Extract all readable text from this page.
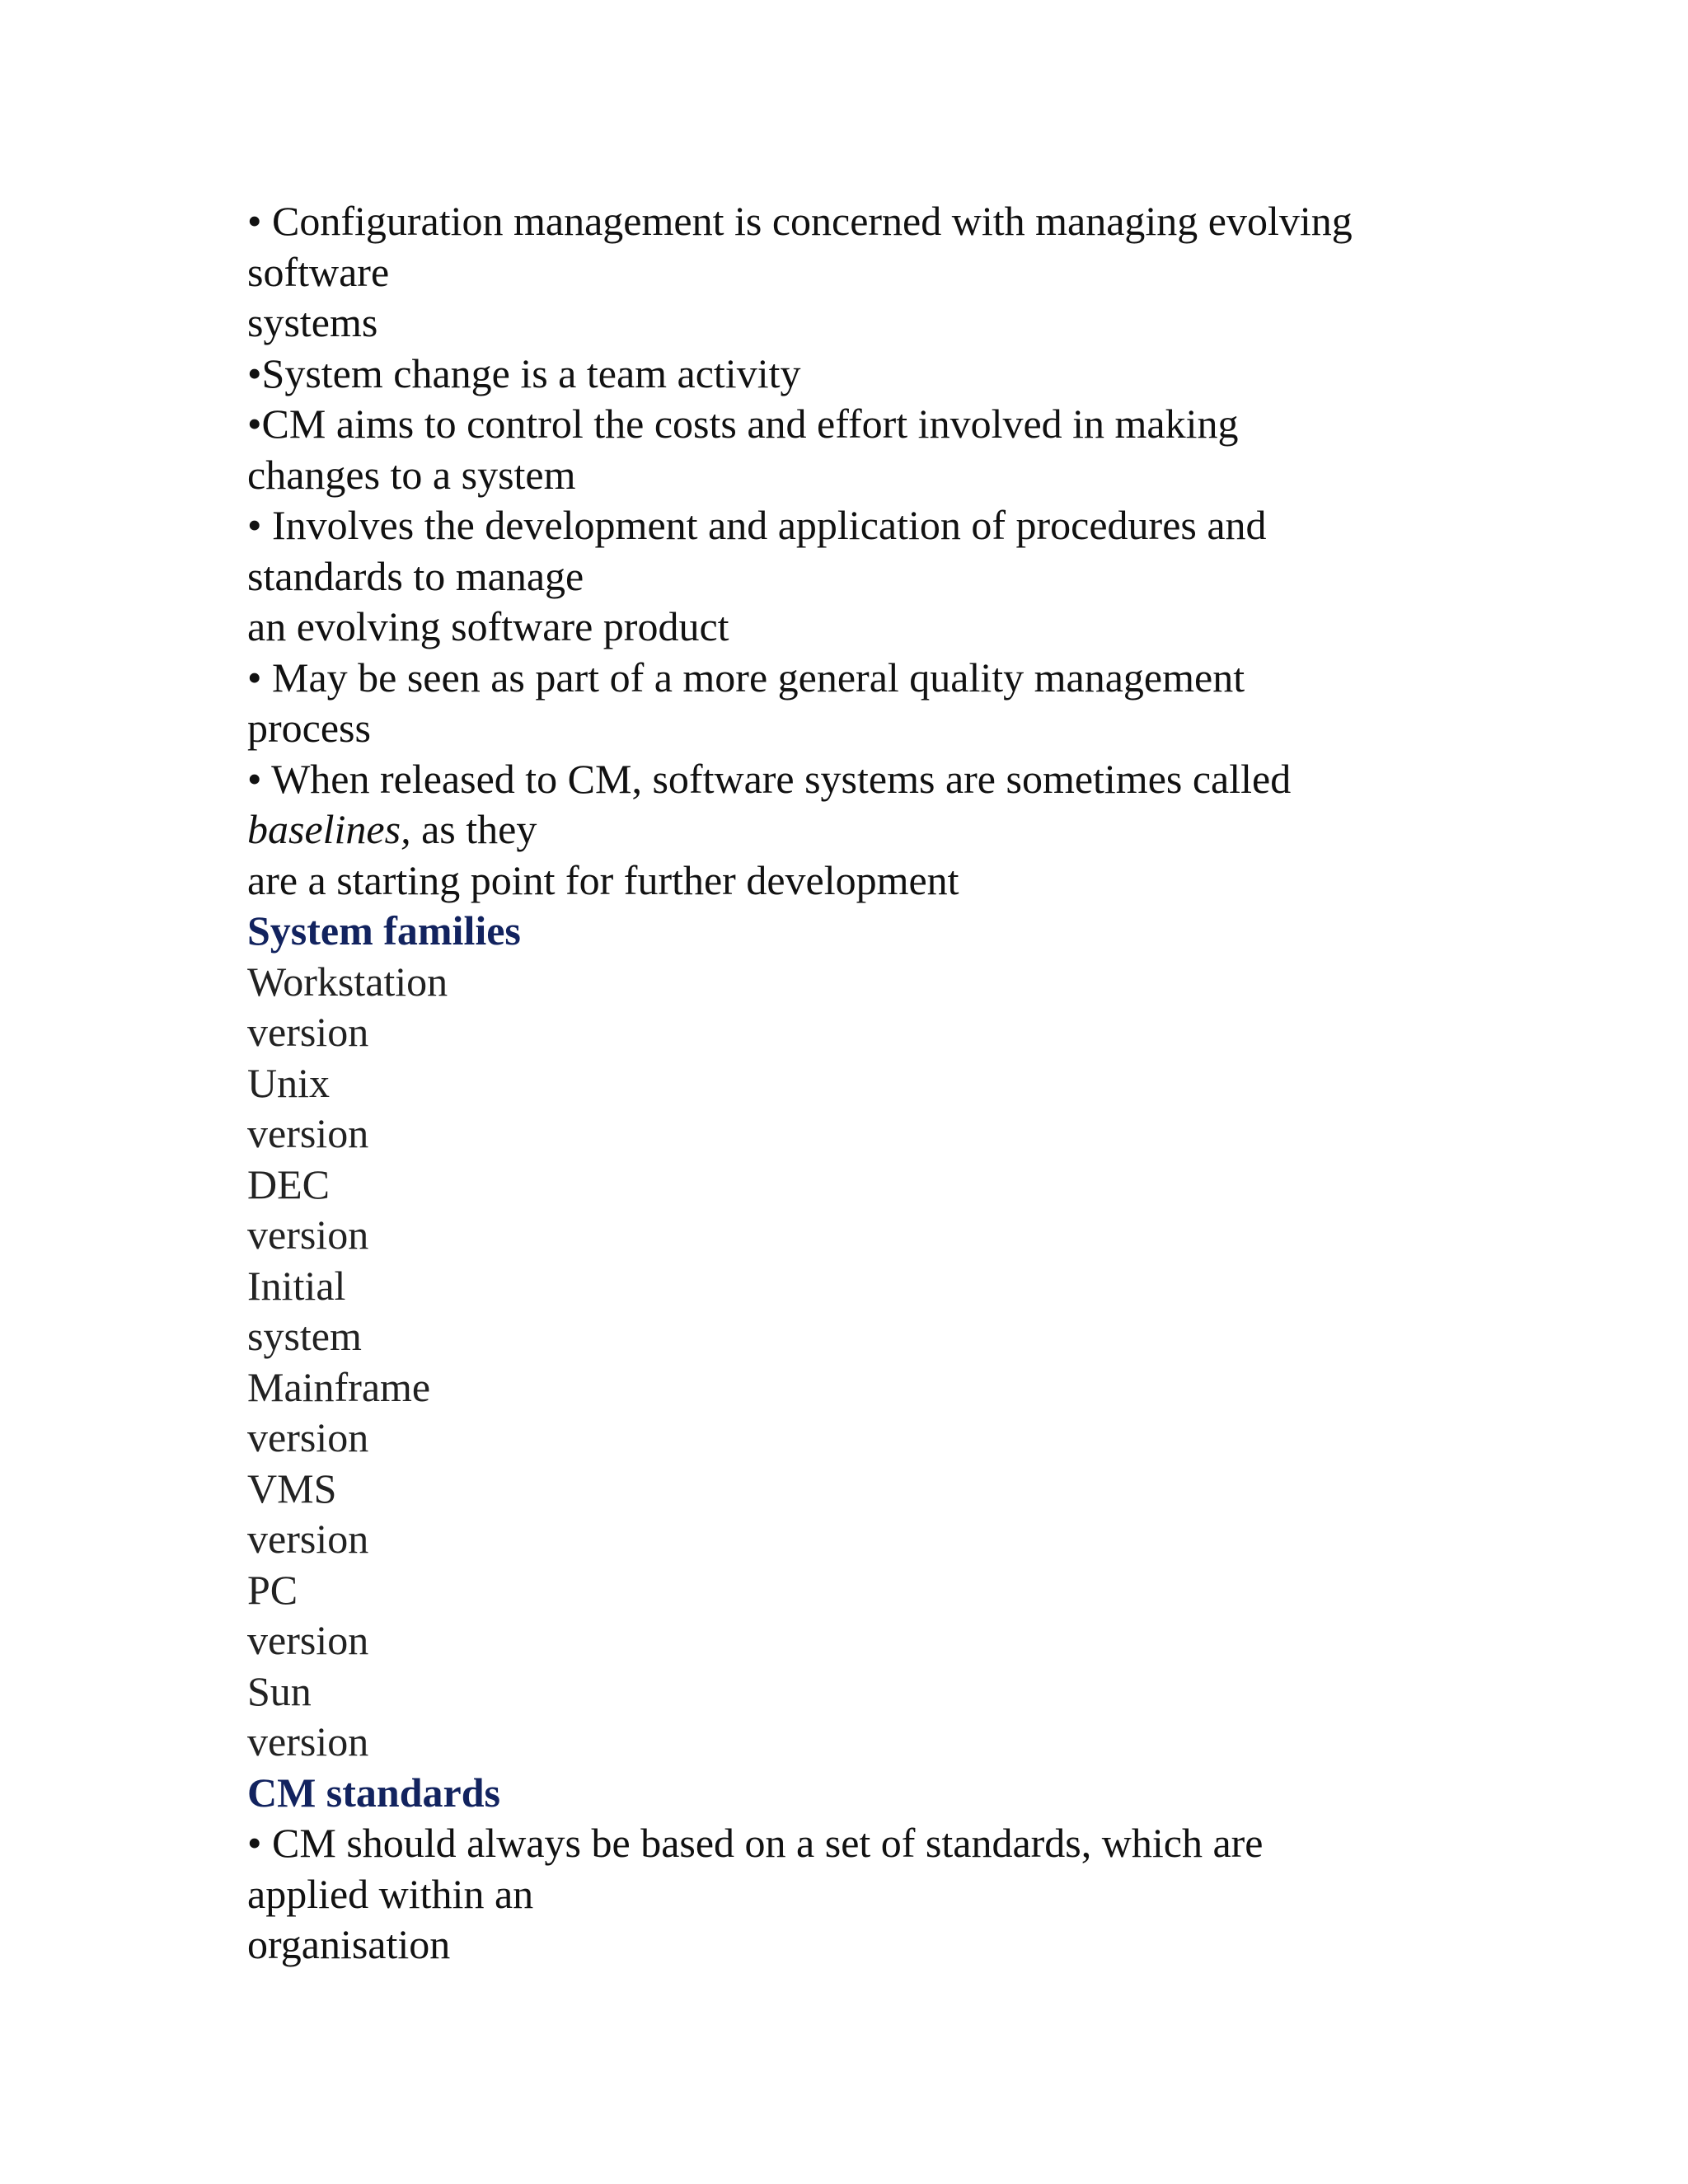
• Configuration management is concerned with managing evolving
software
systems
•System change is a team activity
•CM aims to control the costs and effort involved in making
changes to a system
• Involves the development and application of procedures and
standards to manage
an evolving software product
• May be seen as part of a more general quality management
process
• When released to CM, software systems are sometimes called
baselines, as they
are a starting point for further development
System families
Workstation
version
Unix
version
DEC
version
Initial
system
Mainframe
version
VMS
version
PC
version
Sun
version
CM standards
• CM should always be based on a set of standards, which are
applied within an
organisation
